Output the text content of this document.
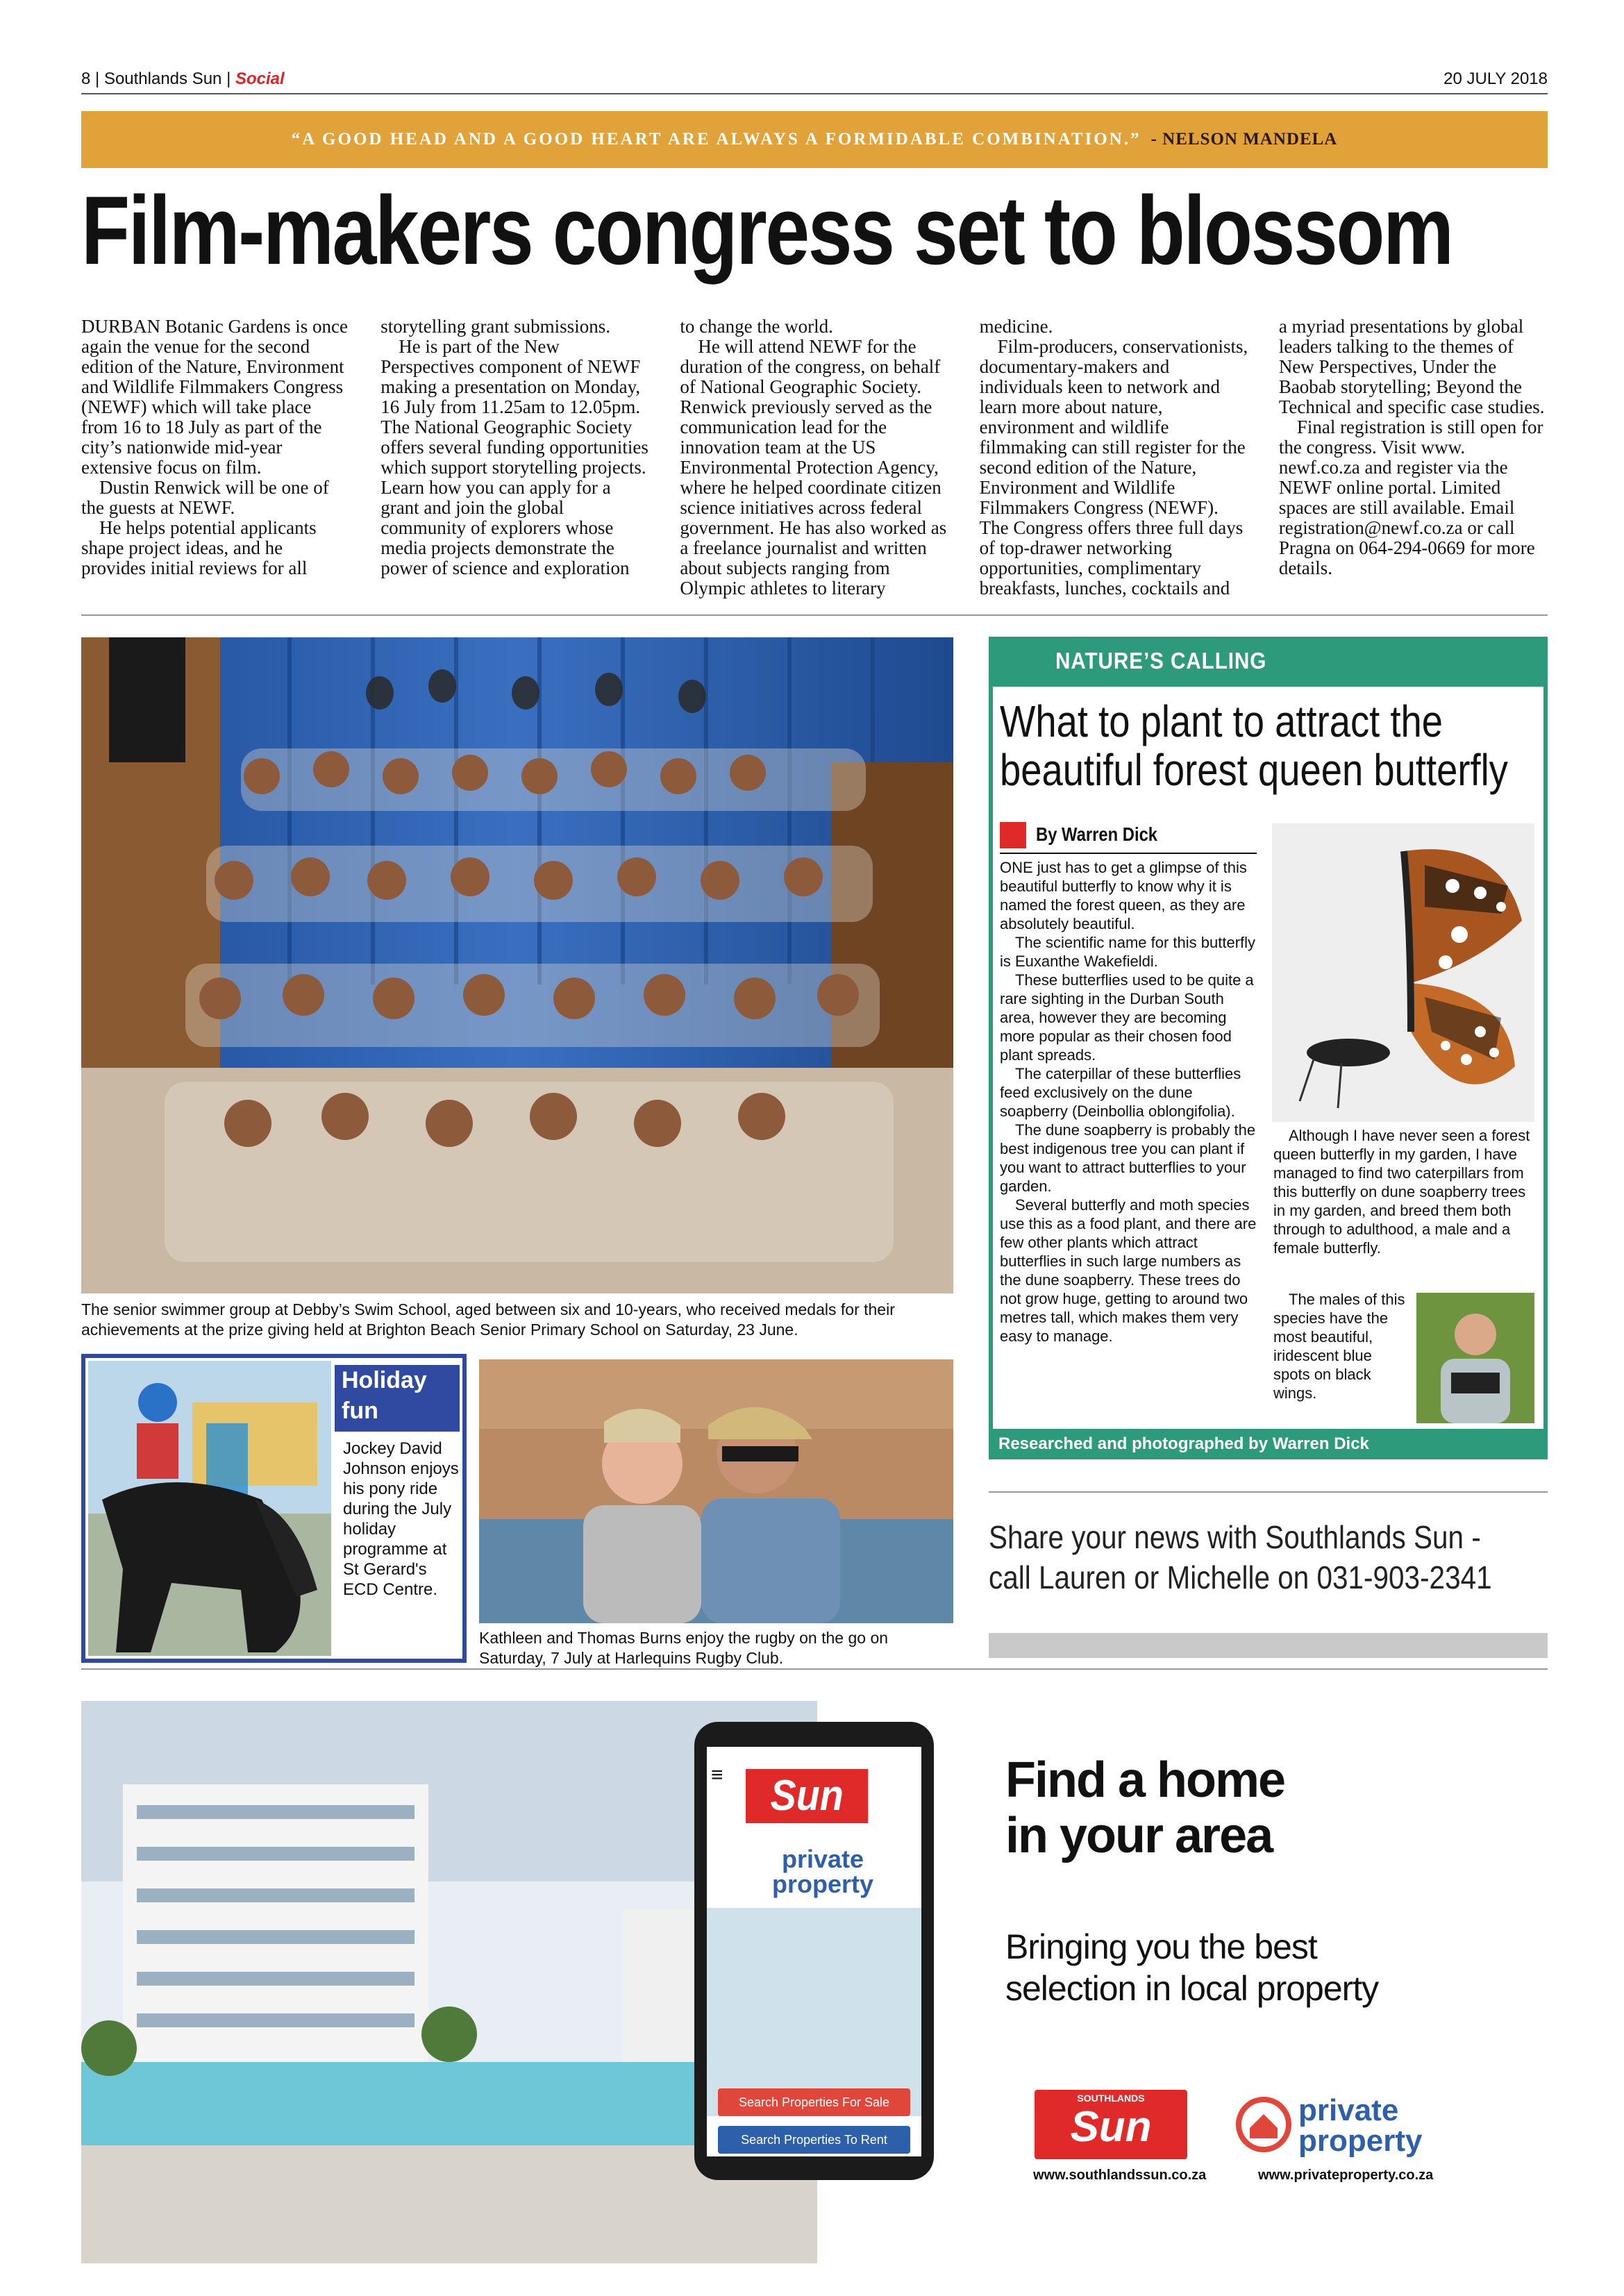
8 | Southlands Sun | Social	20 JULY 2018
“A GOOD HEAD AND A GOOD HEART ARE ALWAYS A FORMIDABLE COMBINATION.” - NELSON MANDELA
Film-makers congress set to blossom

DURBAN Botanic Gardens is once again the venue for the second edition of the Nature, Environment and Wildlife Filmmakers Congress (NEWF) which will take place from 16 to 18 July as part of the city’s nationwide mid-year extensive focus on film.

Dustin Renwick will be one of the guests at NEWF.

He helps potential applicants shape project ideas, and he provides initial reviews for all

storytelling grant submissions.

He is part of the New Perspectives component of NEWF making a presentation on Monday, 16 July from 11.25am to 12.05pm. The National Geographic Society offers several funding opportunities which support storytelling projects. Learn how you can apply for a grant and join the global community of explorers whose media projects demonstrate the power of science and exploration

to change the world.

He will attend NEWF for the duration of the congress, on behalf of National Geographic Society. Renwick previously served as the communication lead for the innovation team at the US Environmental Protection Agency, where he helped coordinate citizen science initiatives across federal government. He has also worked as a freelance journalist and written about subjects ranging from Olympic athletes to literary

medicine.

Film-producers, conservationists, documentary-makers and individuals keen to network and learn more about nature, environment and wildlife filmmaking can still register for the second edition of the Nature, Environment and Wildlife Filmmakers Congress (NEWF). The Congress offers three full days of top-drawer networking opportunities, complimentary breakfasts, lunches, cocktails and

a myriad presentations by global leaders talking to the themes of New Perspectives, Under the Baobab storytelling; Beyond the Technical and specific case studies.

Final registration is still open for the congress. Visit www. newf.co.za and register via the NEWF online portal. Limited spaces are still available. Email registration@newf.co.za or call Pragna on 064-294-0669 for more details.

The senior swimmer group at Debby’s Swim School, aged between six and 10-years, who received medals for their achievements at the prize giving held at Brighton Beach Senior Primary School on Saturday, 23 June.
NATURE’S CALLING
What to plant to attract the
beautiful forest queen butterfly
By Warren Dick

ONE just has to get a glimpse of this beautiful butterfly to know why it is named the forest queen, as they are absolutely beautiful.

The scientific name for this butterfly is Euxanthe Wakefieldi.

These butterflies used to be quite a rare sighting in the Durban South area, however they are becoming more popular as their chosen food plant spreads.

The caterpillar of these butterflies feed exclusively on the dune soapberry (Deinbollia oblongifolia).

The dune soapberry is probably the best indigenous tree you can plant if you want to attract butterflies to your garden.

Several butterfly and moth species use this as a food plant, and there are few other plants which attract butterflies in such large numbers as the dune soapberry. These trees do not grow huge, getting to around two metres tall, which makes them very easy to manage.

Although I have never seen a forest queen butterfly in my garden, I have managed to find two caterpillars from this butterfly on dune soapberry trees in my garden, and breed them both through to adulthood, a male and a female butterfly.

The males of this species have the most beautiful, iridescent blue spots on black wings.

Researched and photographed by Warren Dick
Share your news with Southlands Sun -
call Lauren or Michelle on 031-903-2341
Holiday
fun
Jockey David Johnson enjoys his pony ride during the July holiday programme at St Gerard's ECD Centre.
Kathleen and Thomas Burns enjoy the rugby on the go on Saturday, 7 July at Harlequins Rugby Club.
≡	Sun
private
property
Search Properties For Sale
Search Properties To Rent
Find a home
in your area
Bringing you the best
selection in local property
SOUTHLANDS
Sun	private
property
www.southlandssun.co.za	www.privateproperty.co.za
